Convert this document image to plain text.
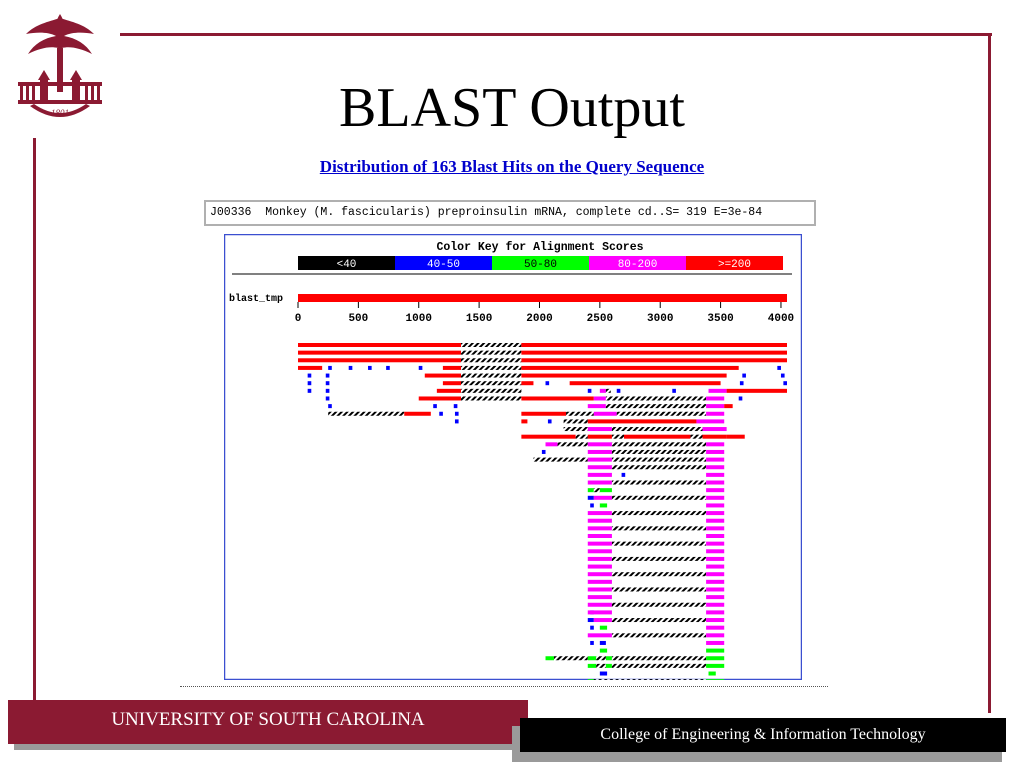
1801	BLAST Output
Distribution of 163 Blast Hits on the Query Sequence
J00336  Monkey (M. fascicularis) preproinsulin mRNA, complete cd..S= 319 E=3e-84
Color Key for Alignment Scores
<40	40-50	50-80	80-200	>=200
blast_tmp
0	500	1000	1500	2000	2500	3000	3500	4000
UNIVERSITY OF SOUTH CAROLINA
College of Engineering & Information Technology
